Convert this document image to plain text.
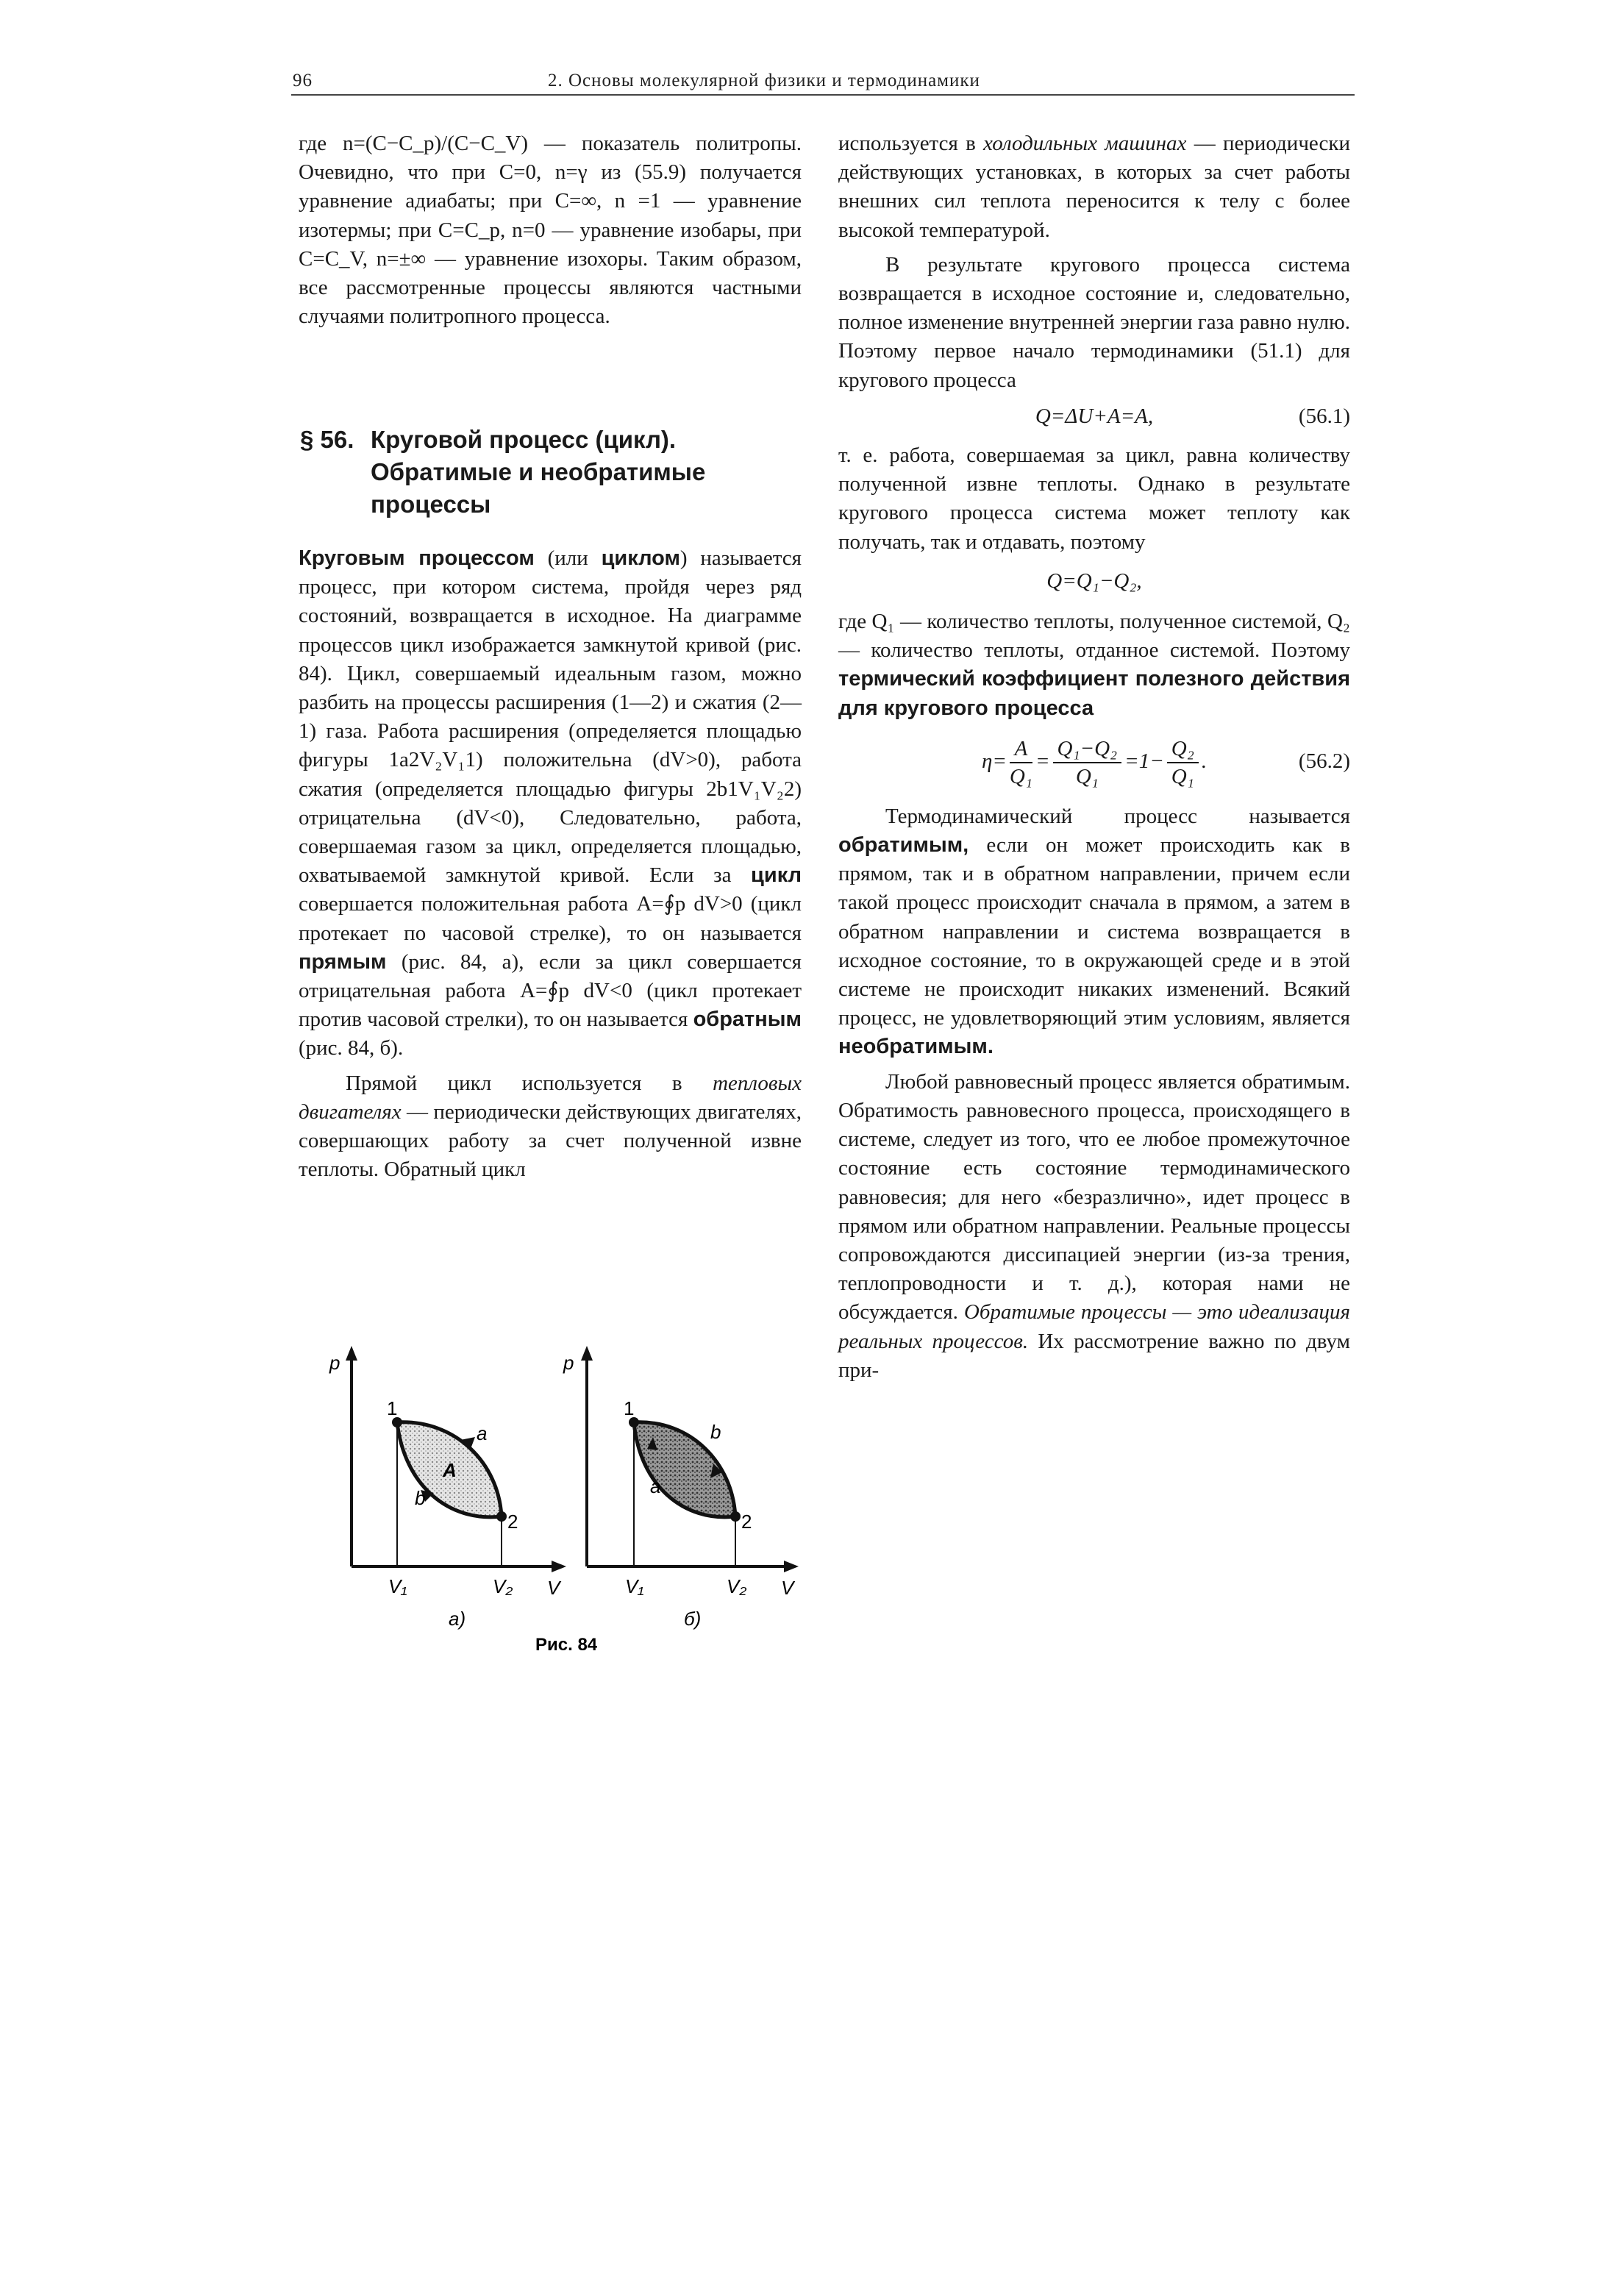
96	2. Основы молекулярной физики и термодинамики

где n=(C−C_p)/(C−C_V) — показатель политропы. Очевидно, что при C=0, n=γ из (55.9) получается уравнение адиабаты; при C=∞, n =1 — уравнение изотермы; при C=C_p, n=0 — уравнение изобары, при C=C_V, n=±∞ — уравнение изохоры. Таким образом, все рассмотренные процессы являются частными случаями политропного процесса.

§ 56. Круговой процесс (цикл). Обратимые и необратимые процессы

Круговым процессом (или циклом) называется процесс, при котором система, пройдя через ряд состояний, возвращается в исходное. На диаграмме процессов цикл изображается замкнутой кривой (рис. 84). Цикл, совершаемый идеальным газом, можно разбить на процессы расширения (1—2) и сжатия (2—1) газа. Работа расширения (определяется площадью фигуры 1a2V₂V₁1) положительна (dV>0), работа сжатия (определяется площадью фигуры 2b1V₁V₂2) отрицательна (dV<0), Следовательно, работа, совершаемая газом за цикл, определяется площадью, охватываемой замкнутой кривой. Если за цикл совершается положительная работа A=∮p dV>0 (цикл протекает по часовой стрелке), то он называется прямым (рис. 84, а), если за цикл совершается отрицательная работа A=∮p dV<0 (цикл протекает против часовой стрелки), то он называется обратным (рис. 84, б).

Прямой цикл используется в тепловых двигателях — периодически действующих двигателях, совершающих работу за счет полученной извне теплоты. Обратный цикл

p
1
2
a
b
A
V₁	V₂ V
а)
p
1
2
b
a
V₁	V₂ V
б)
Рис. 84

используется в холодильных машинах — периодически действующих установках, в которых за счет работы внешних сил теплота переносится к телу с более высокой температурой.

В результате кругового процесса система возвращается в исходное состояние и, следовательно, полное изменение внутренней энергии газа равно нулю. Поэтому первое начало термодинамики (51.1) для кругового процесса

Q=ΔU+A=A,	(56.1)

т. е. работа, совершаемая за цикл, равна количеству полученной извне теплоты. Однако в результате кругового процесса система может теплоту как получать, так и отдавать, поэтому

Q=Q₁−Q₂,

где Q₁ — количество теплоты, полученное системой, Q₂ — количество теплоты, отданное системой. Поэтому термический коэффициент полезного действия для кругового процесса

$\eta= \frac{A}{\text{Q₁}} = \frac{\text{Q₁−Q₂}}{\text{Q₁}} =1- \frac{\text{Q₂}}{\text{Q₁}}$ .	(56.2)

Термодинамический процесс называется обратимым, если он может происходить как в прямом, так и в обратном направлении, причем если такой процесс происходит сначала в прямом, а затем в обратном направлении и система возвращается в исходное состояние, то в окружающей среде и в этой системе не происходит никаких изменений. Всякий процесс, не удовлетворяющий этим условиям, является необратимым.

Любой равновесный процесс является обратимым. Обратимость равновесного процесса, происходящего в системе, следует из того, что ее любое промежуточное состояние есть состояние термодинамического равновесия; для него «безразлично», идет процесс в прямом или обратном направлении. Реальные процессы сопровождаются диссипацией энергии (из-за трения, теплопроводности и т. д.), которая нами не обсуждается. Обратимые процессы — это идеализация реальных процессов. Их рассмотрение важно по двум при-
